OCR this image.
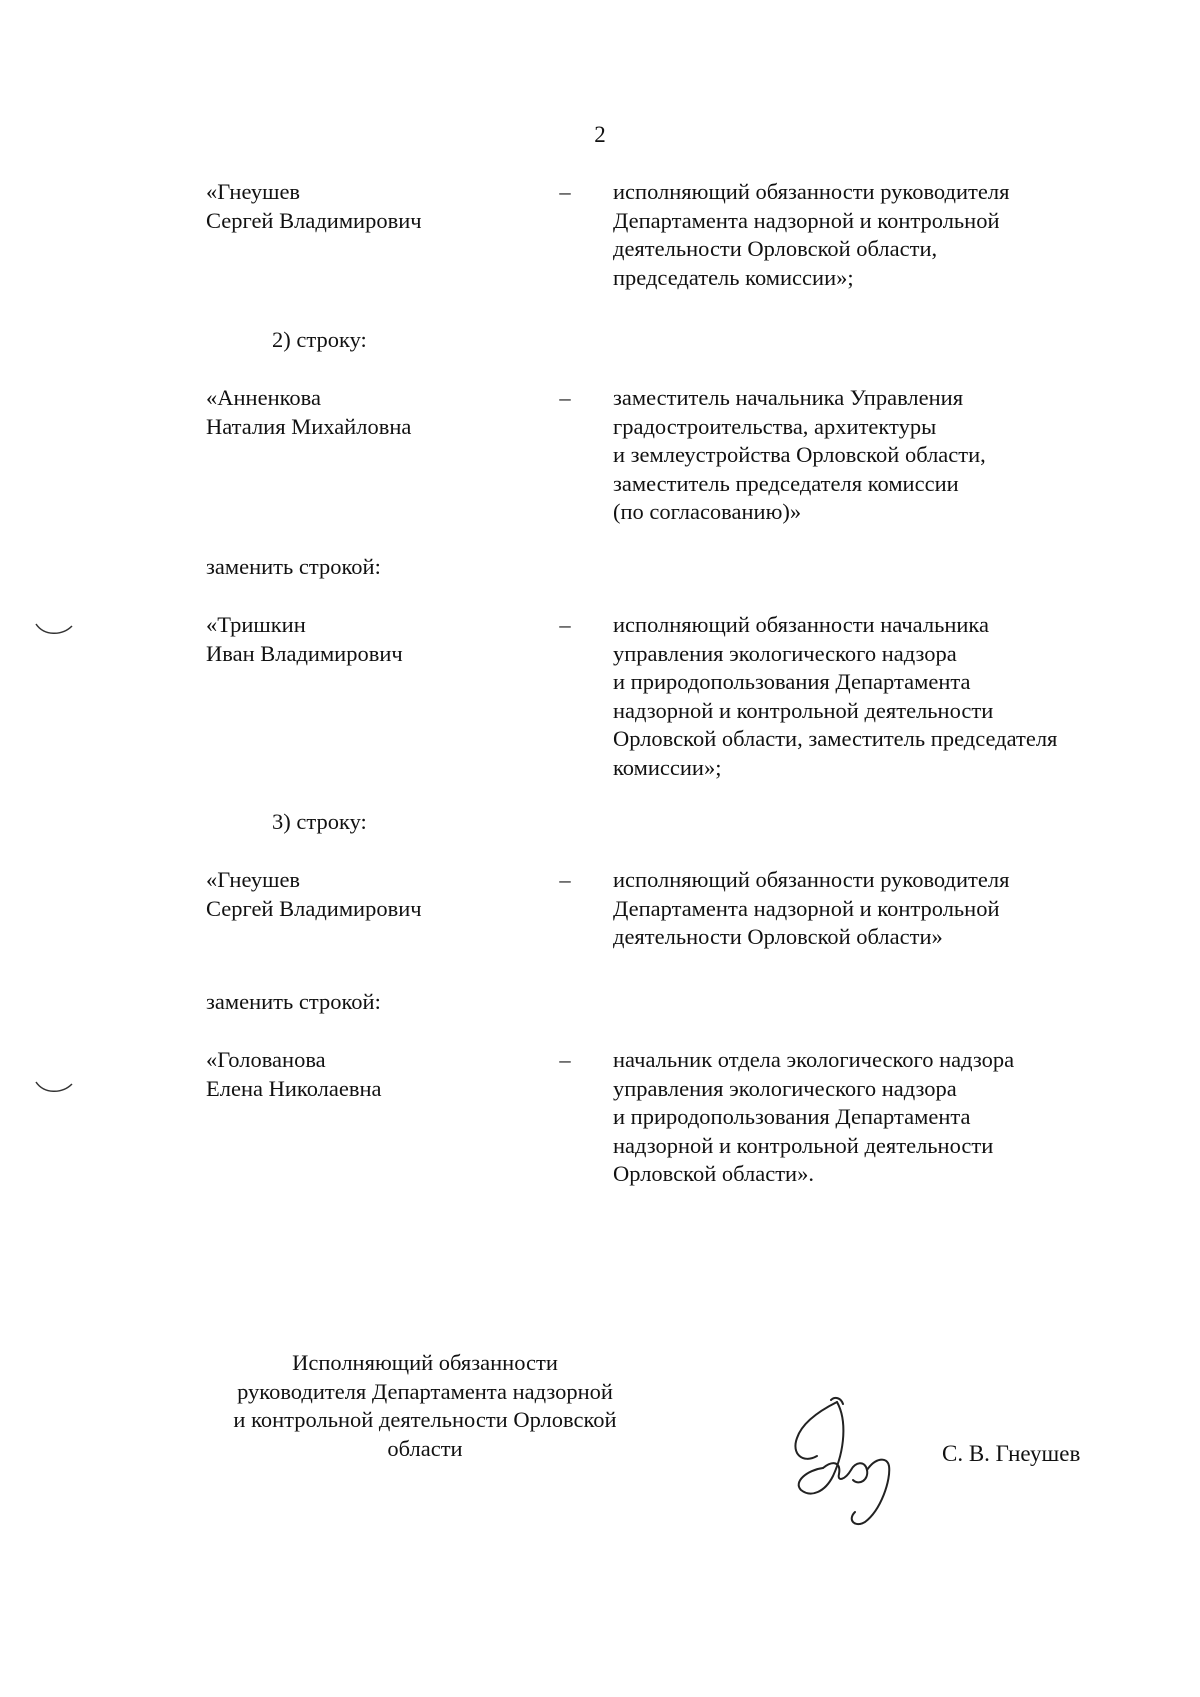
2
«Гнеушев
Сергей Владимирович
– исполняющий обязанности руководителя
Департамента надзорной и контрольной
деятельности Орловской области,
председатель комиссии»;
2) строку:
«Анненкова
Наталия Михайловна
– заместитель начальника Управления
градостроительства, архитектуры
и землеустройства Орловской области,
заместитель председателя комиссии
(по согласованию)»
заменить строкой:
«Тришкин
Иван Владимирович
– исполняющий обязанности начальника
управления экологического надзора
и природопользования Департамента
надзорной и контрольной деятельности
Орловской области, заместитель председателя
комиссии»;
3) строку:
«Гнеушев
Сергей Владимирович
– исполняющий обязанности руководителя
Департамента надзорной и контрольной
деятельности Орловской области»
заменить строкой:
«Голованова
Елена Николаевна
– начальник отдела экологического надзора
управления экологического надзора
и природопользования Департамента
надзорной и контрольной деятельности
Орловской области».
Исполняющий обязанности
руководителя Департамента надзорной
и контрольной деятельности Орловской
области	С. В. Гнеушев
